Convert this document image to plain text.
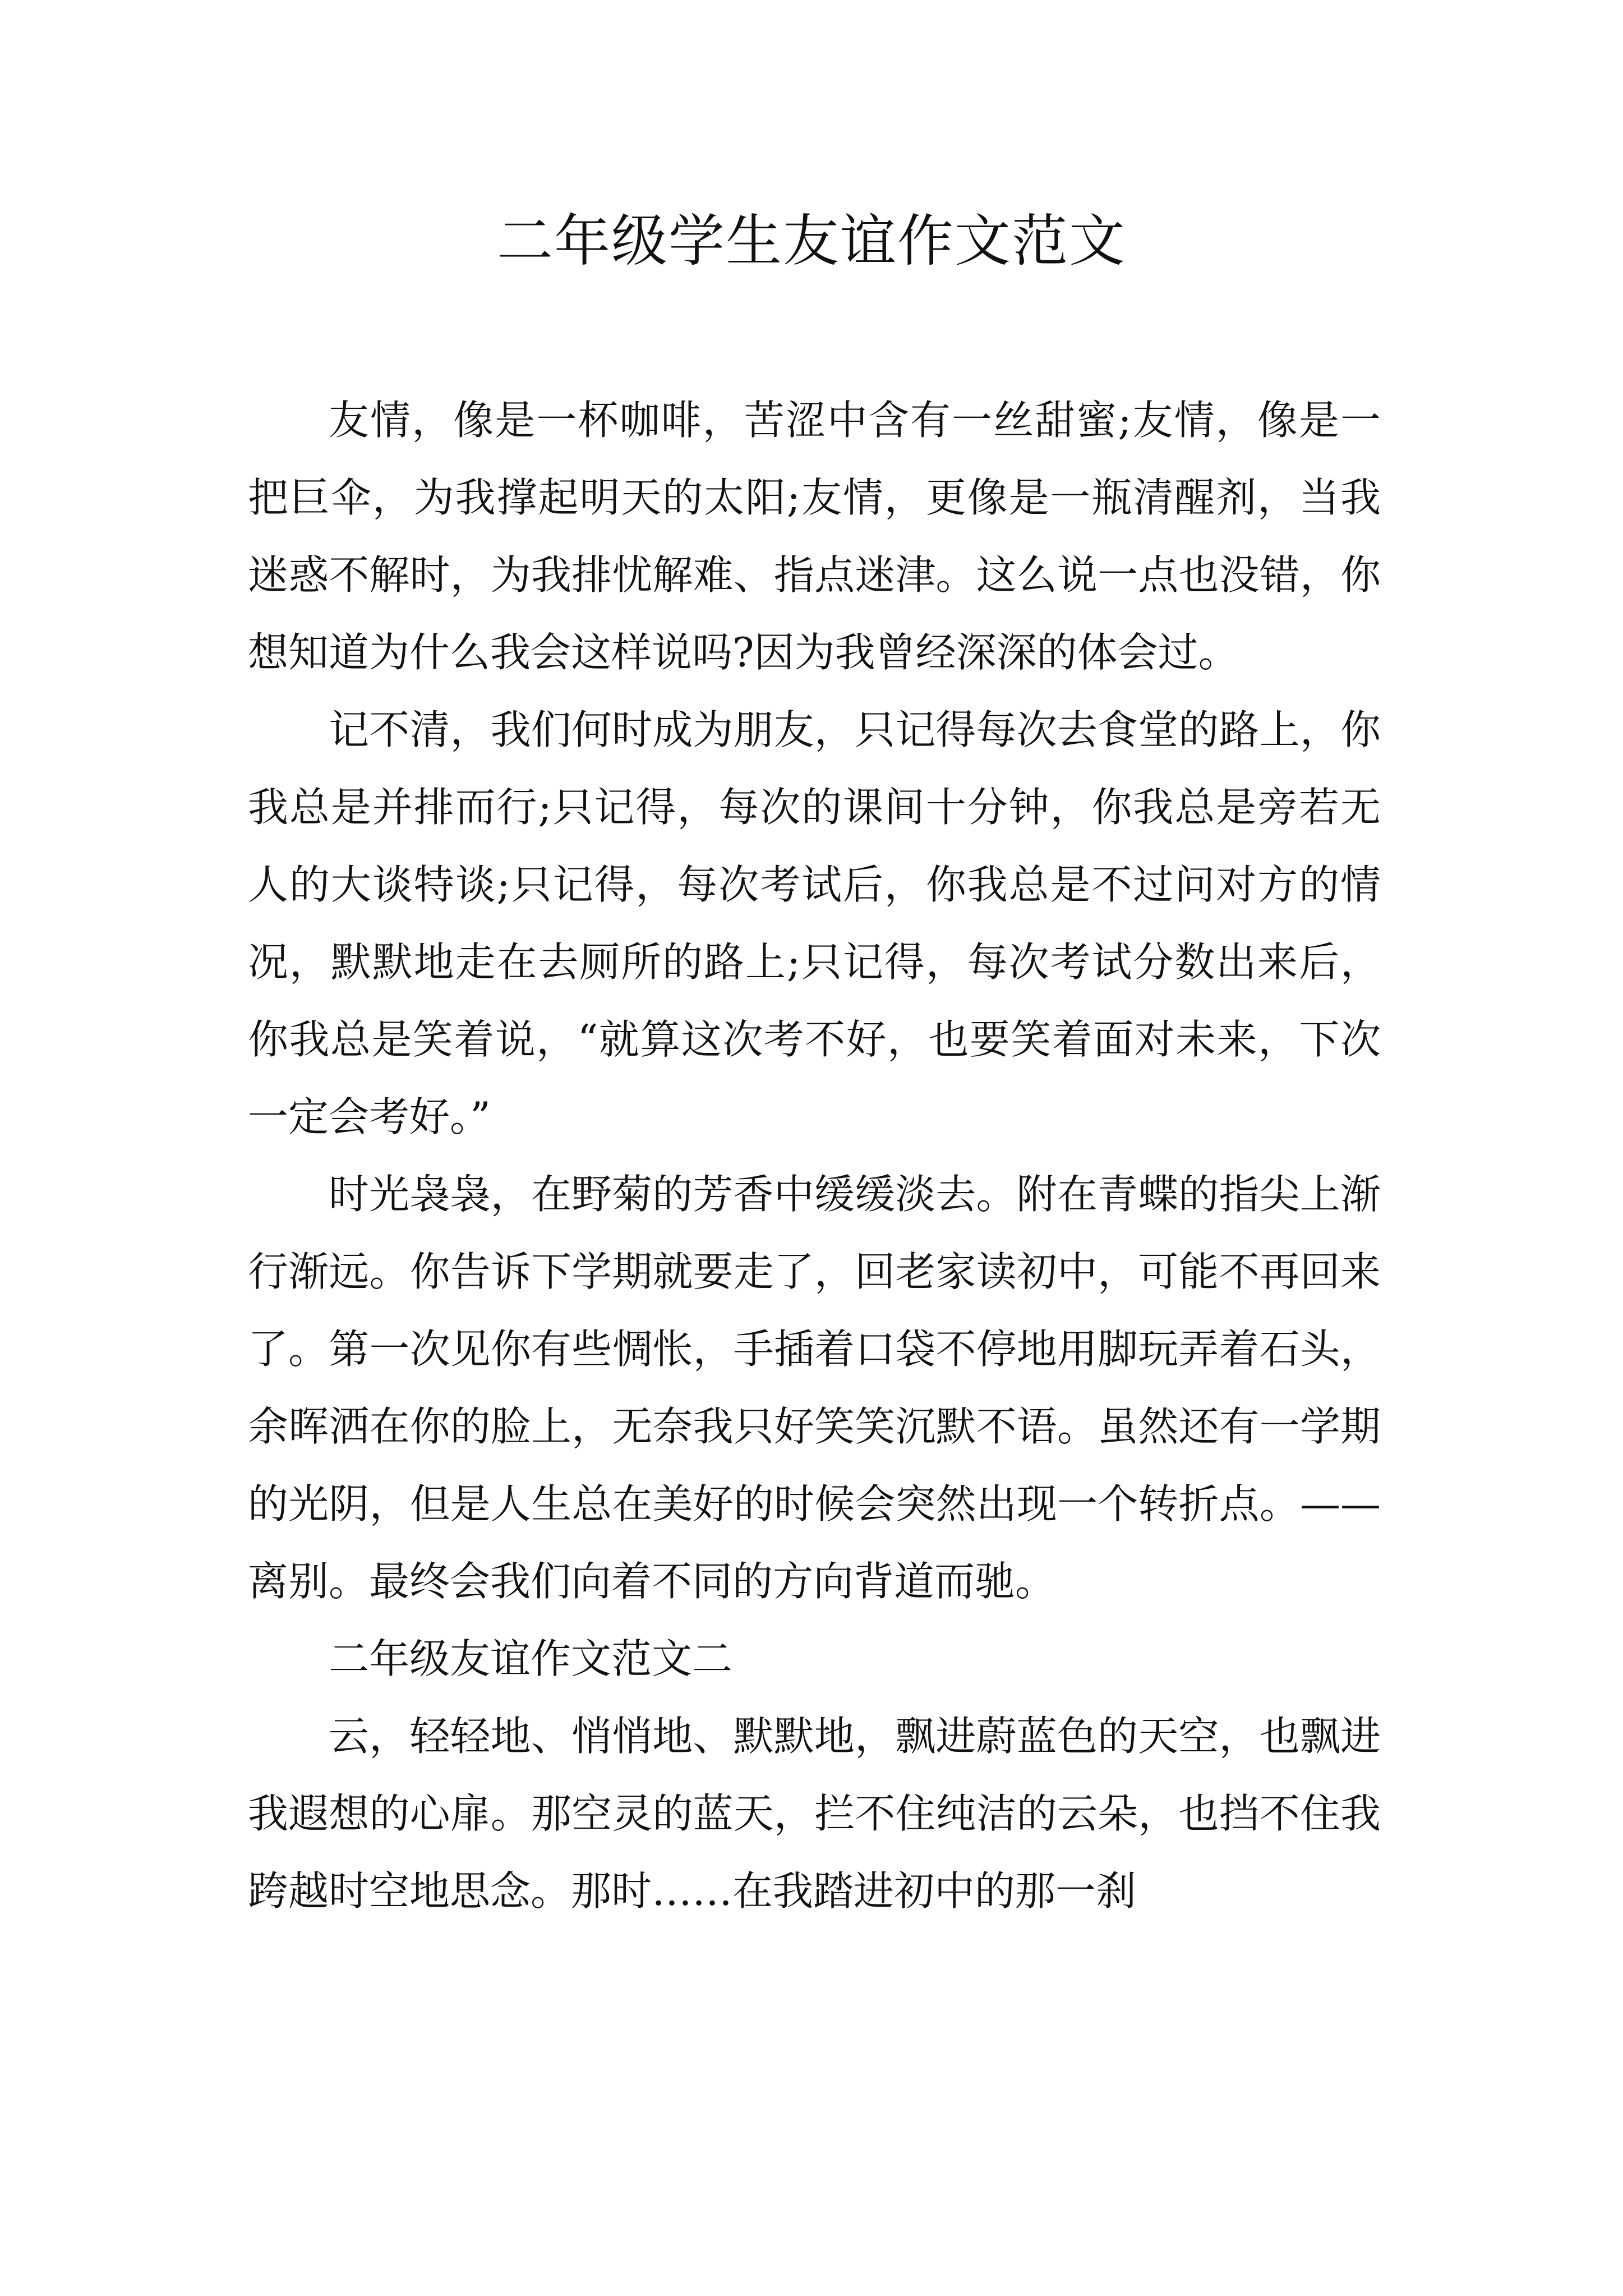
二年级学生友谊作文范文

友情，像是一杯咖啡，苦涩中含有一丝甜蜜;友情，像是一把巨伞，为我撑起明天的太阳;友情，更像是一瓶清醒剂，当我迷惑不解时，为我排忧解难、指点迷津。这么说一点也没错，你想知道为什么我会这样说吗?因为我曾经深深的体会过。

记不清，我们何时成为朋友，只记得每次去食堂的路上，你我总是并排而行;只记得，每次的课间十分钟，你我总是旁若无人的大谈特谈;只记得，每次考试后，你我总是不过问对方的情况，默默地走在去厕所的路上;只记得，每次考试分数出来后，你我总是笑着说，“就算这次考不好，也要笑着面对未来，下次一定会考好。”

时光袅袅，在野菊的芳香中缓缓淡去。附在青蝶的指尖上渐行渐远。你告诉下学期就要走了，回老家读初中，可能不再回来了。第一次见你有些惆怅，手插着口袋不停地用脚玩弄着石头，余晖洒在你的脸上，无奈我只好笑笑沉默不语。虽然还有一学期的光阴，但是人生总在美好的时候会突然出现一个转折点。——离别。最终会我们向着不同的方向背道而驰。

二年级友谊作文范文二

云，轻轻地、悄悄地、默默地，飘进蔚蓝色的天空，也飘进我遐想的心扉。那空灵的蓝天，拦不住纯洁的云朵，也挡不住我跨越时空地思念。那时……在我踏进初中的那一刹
